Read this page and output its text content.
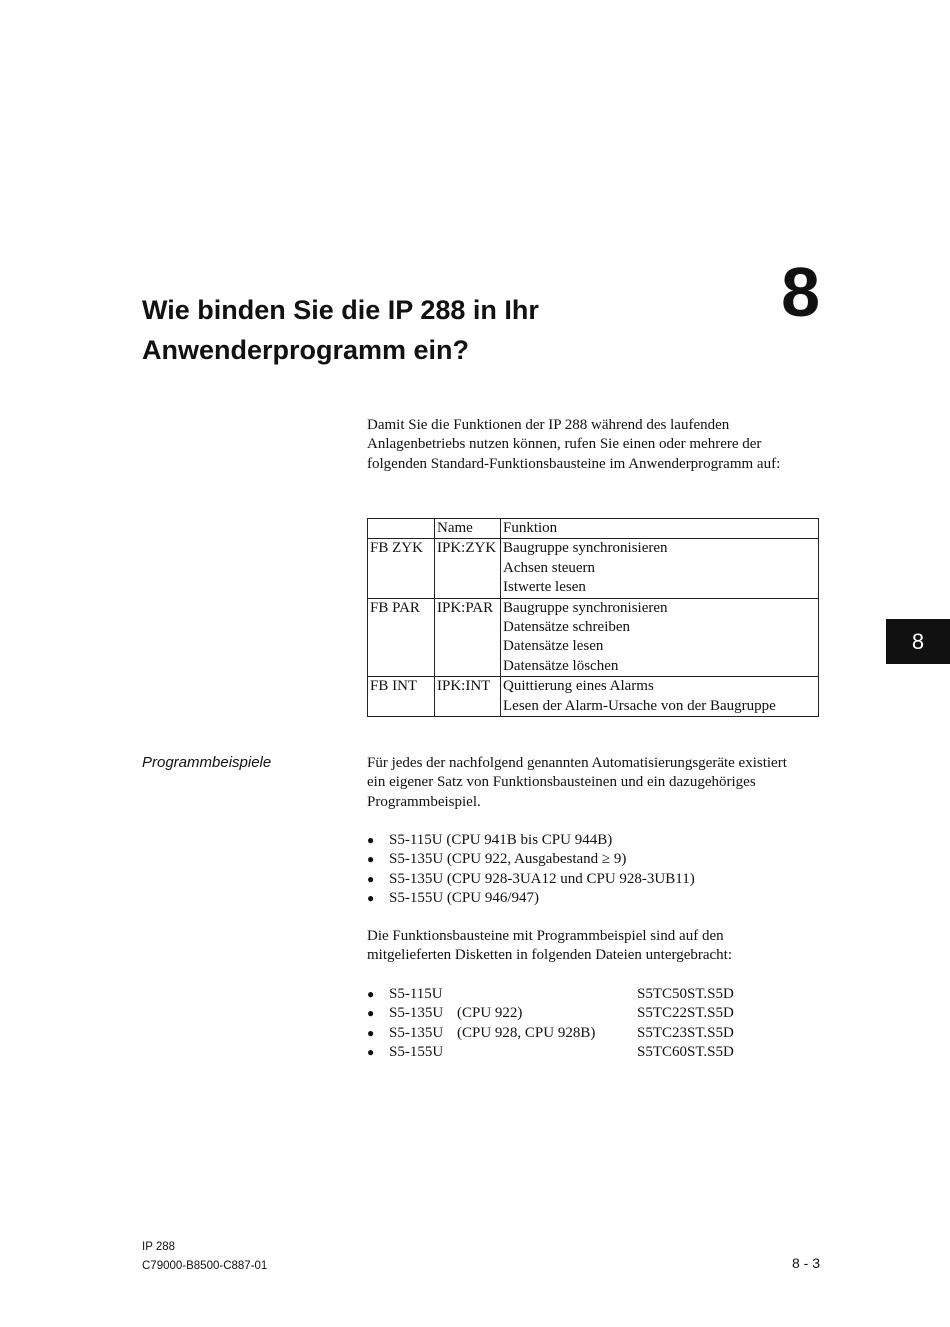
Wie binden Sie die IP 288 in Ihr
Anwenderprogramm ein?
8
8

Damit Sie die Funktionen der IP 288 während des laufenden
Anlagenbetriebs nutzen können, rufen Sie einen oder mehrere der
folgenden Standard-Funktionsbausteine im Anwenderprogramm auf:

	Name	Funktion
FB ZYK	IPK:ZYK	Baugruppe synchronisieren
Achsen steuern
Istwerte lesen

FB PAR	IPK:PAR	Baugruppe synchronisieren
Datensätze schreiben
Datensätze lesen
Datensätze löschen

FB INT	IPK:INT	Quittierung eines Alarms
Lesen der Alarm-Ursache von der Baugruppe
Programmbeispiele	Für jedes der nachfolgend genannten Automatisierungsgeräte existiert
ein eigener Satz von Funktionsbausteinen und ein dazugehöriges
Programmbeispiel.

● S5-115U (CPU 941B bis CPU 944B)
● S5-135U (CPU 922, Ausgabestand ≥ 9)
● S5-135U (CPU 928-3UA12 und CPU 928-3UB11)
● S5-155U (CPU 946/947)

Die Funktionsbausteine mit Programmbeispiel sind auf den
mitgelieferten Disketten in folgenden Dateien untergebracht:

● S5-115U	S5TC50ST.S5D

● S5-135U (CPU 922)	S5TC22ST.S5D

● S5-135U (CPU 928, CPU 928B)	S5TC23ST.S5D

● S5-155U	S5TC60ST.S5D

IP 288
C79000-B8500-C887-01	8 - 3
